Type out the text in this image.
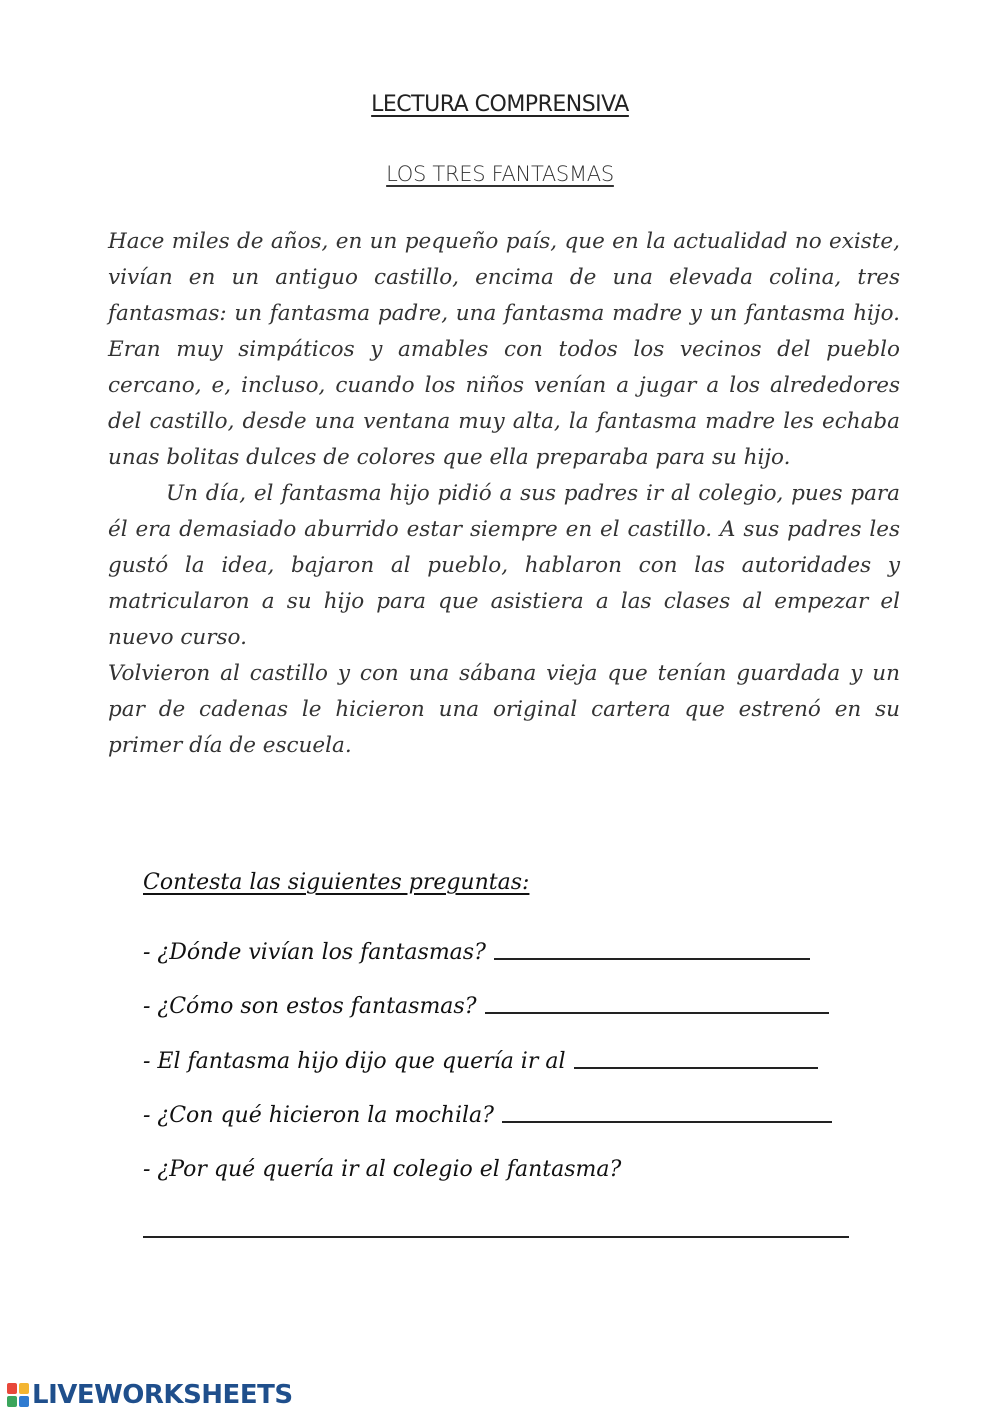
LECTURA COMPRENSIVA
LOS TRES FANTASMAS

Hace miles de años, en un pequeño país, que en la actualidad no existe, vivían en un antiguo castillo, encima de una elevada colina, tres fantasmas: un fantasma padre, una fantasma madre y un fantasma hijo. Eran muy simpáticos y amables con todos los vecinos del pueblo cercano, e, incluso, cuando los niños venían a jugar a los alrededores del castillo, desde una ventana muy alta, la fantasma madre les echaba unas bolitas dulces de colores que ella preparaba para su hijo.

Un día, el fantasma hijo pidió a sus padres ir al colegio, pues para él era demasiado aburrido estar siempre en el castillo. A sus padres les gustó la idea, bajaron al pueblo, hablaron con las autoridades y matricularon a su hijo para que asistiera a las clases al empezar el nuevo curso.

Volvieron al castillo y con una sábana vieja que tenían guardada y un par de cadenas le hicieron una original cartera que estrenó en su primer día de escuela.

Contesta las siguientes preguntas:
- ¿Dónde vivían los fantasmas?
- ¿Cómo son estos fantasmas?
- El fantasma hijo dijo que quería ir al
- ¿Con qué hicieron la mochila?
- ¿Por qué quería ir al colegio el fantasma?
LIVEWORKSHEETS
